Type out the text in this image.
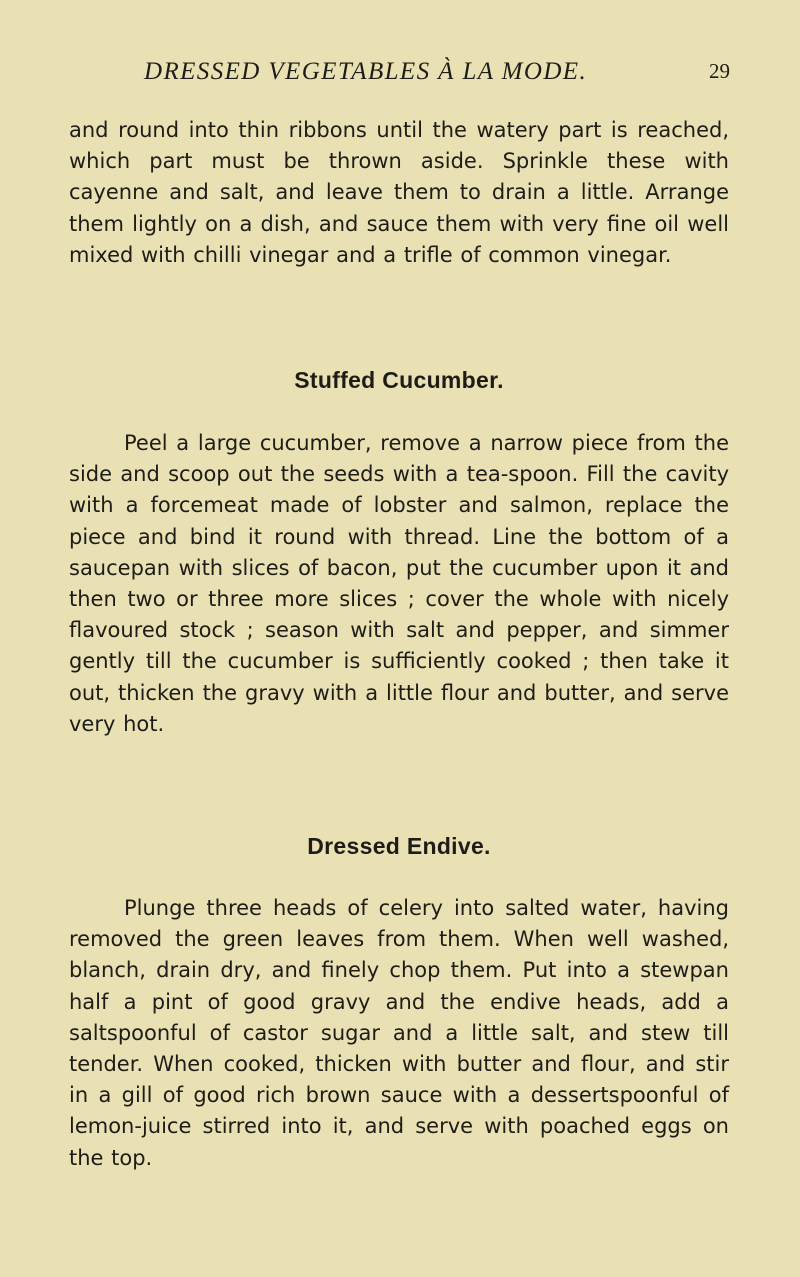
DRESSED VEGETABLES À LA MODE.	29

and round into thin ribbons until the watery part is reached, which part must be thrown aside. Sprinkle these with cayenne and salt, and leave them to drain a little. Arrange them lightly on a dish, and sauce them with very fine oil well mixed with chilli vinegar and a trifle of common vinegar.

Stuffed Cucumber.

Peel a large cucumber, remove a narrow piece from the side and scoop out the seeds with a tea-spoon. Fill the cavity with a forcemeat made of lobster and salmon, replace the piece and bind it round with thread. Line the bottom of a saucepan with slices of bacon, put the cucumber upon it and then two or three more slices ; cover the whole with nicely flavoured stock ; season with salt and pepper, and simmer gently till the cucumber is sufficiently cooked ; then take it out, thicken the gravy with a little flour and butter, and serve very hot.

Dressed Endive.

Plunge three heads of celery into salted water, having removed the green leaves from them. When well washed, blanch, drain dry, and finely chop them. Put into a stewpan half a pint of good gravy and the endive heads, add a saltspoonful of castor sugar and a little salt, and stew till tender. When cooked, thicken with butter and flour, and stir in a gill of good rich brown sauce with a dessertspoonful of lemon-juice stirred into it, and serve with poached eggs on the top.
